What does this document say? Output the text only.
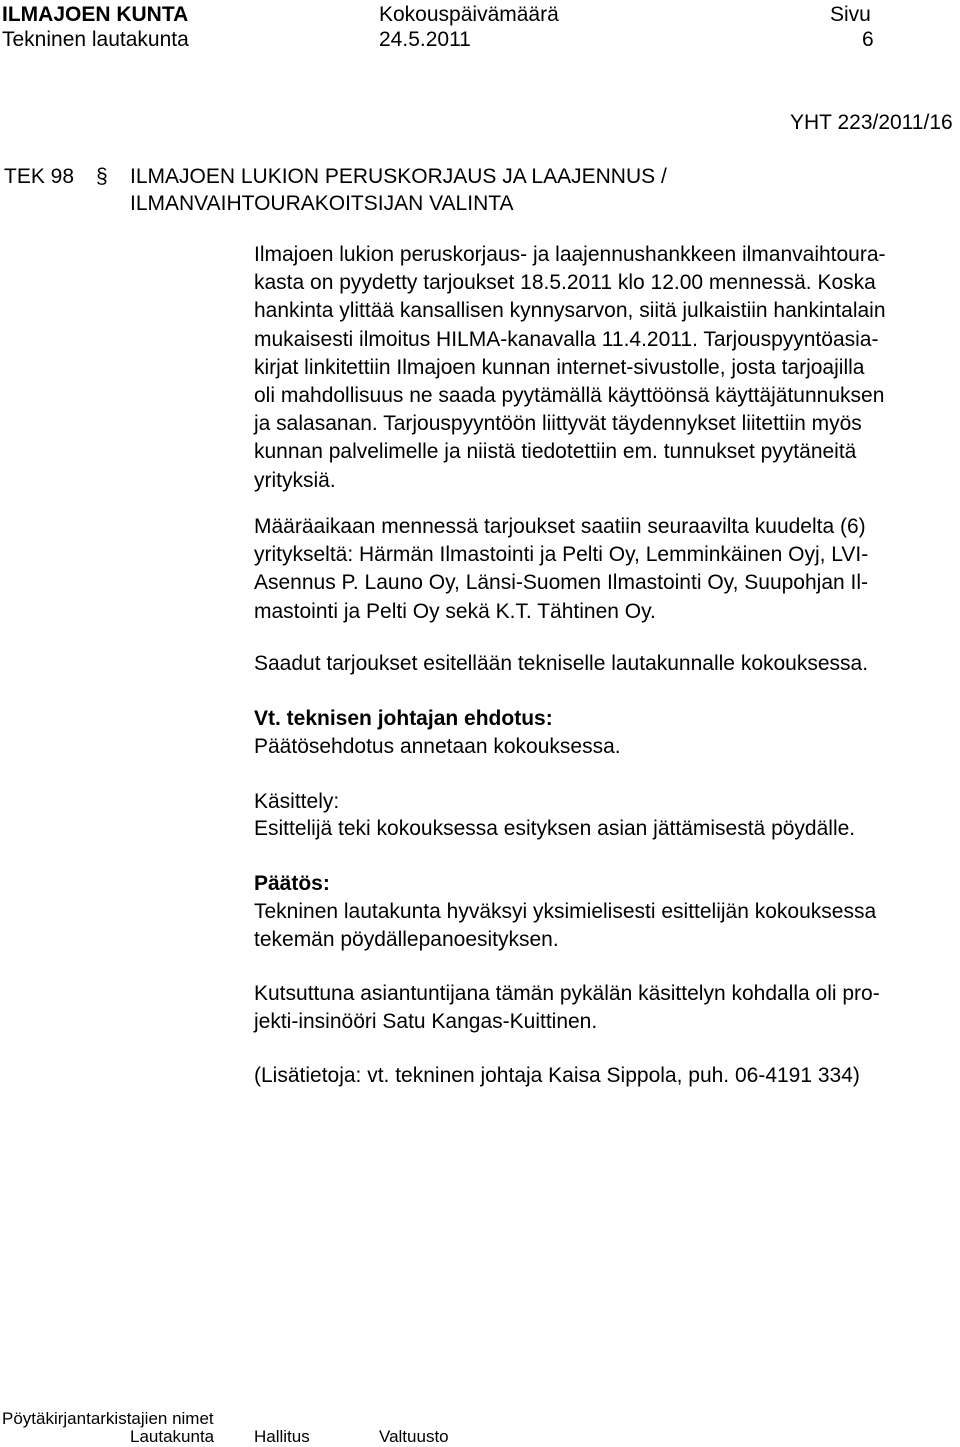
ILMAJOEN KUNTA
Tekninen lautakunta
Kokouspäivämäärä
24.5.2011
Sivu
6
YHT 223/2011/16
TEK 98 § ILMAJOEN LUKION PERUSKORJAUS JA LAAJENNUS /
ILMANVAIHTOURAKOITSIJAN VALINTA
Ilmajoen lukion peruskorjaus- ja laajennushankkeen ilmanvaihtoura-
kasta on pyydetty tarjoukset 18.5.2011 klo 12.00 mennessä. Koska
hankinta ylittää kansallisen kynnysarvon, siitä julkaistiin hankintalain
mukaisesti ilmoitus HILMA-kanavalla 11.4.2011. Tarjouspyyntöasia-
kirjat linkitettiin Ilmajoen kunnan internet-sivustolle, josta tarjoajilla
oli mahdollisuus ne saada pyytämällä käyttöönsä käyttäjätunnuksen
ja salasanan. Tarjouspyyntöön liittyvät täydennykset liitettiin myös
kunnan palvelimelle ja niistä tiedotettiin em. tunnukset pyytäneitä
yrityksiä.
Määräaikaan mennessä tarjoukset saatiin seuraavilta kuudelta (6)
yritykseltä: Härmän Ilmastointi ja Pelti Oy, Lemminkäinen Oyj, LVI-
Asennus P. Launo Oy, Länsi-Suomen Ilmastointi Oy, Suupohjan Il-
mastointi ja Pelti Oy sekä K.T. Tähtinen Oy.
Saadut tarjoukset esitellään tekniselle lautakunnalle kokouksessa.
Vt. teknisen johtajan ehdotus:
Päätösehdotus annetaan kokouksessa.
Käsittely:
Esittelijä teki kokouksessa esityksen asian jättämisestä pöydälle.
Päätös:
Tekninen lautakunta hyväksyi yksimielisesti esittelijän kokouksessa
tekemän pöydällepanoesityksen.
Kutsuttuna asiantuntijana tämän pykälän käsittelyn kohdalla oli pro-
jekti-insinööri Satu Kangas-Kuittinen.
(Lisätietoja: vt. tekninen johtaja Kaisa Sippola, puh. 06-4191 334)
Pöytäkirjantarkistajien nimet
Lautakunta Hallitus	Valtuusto
